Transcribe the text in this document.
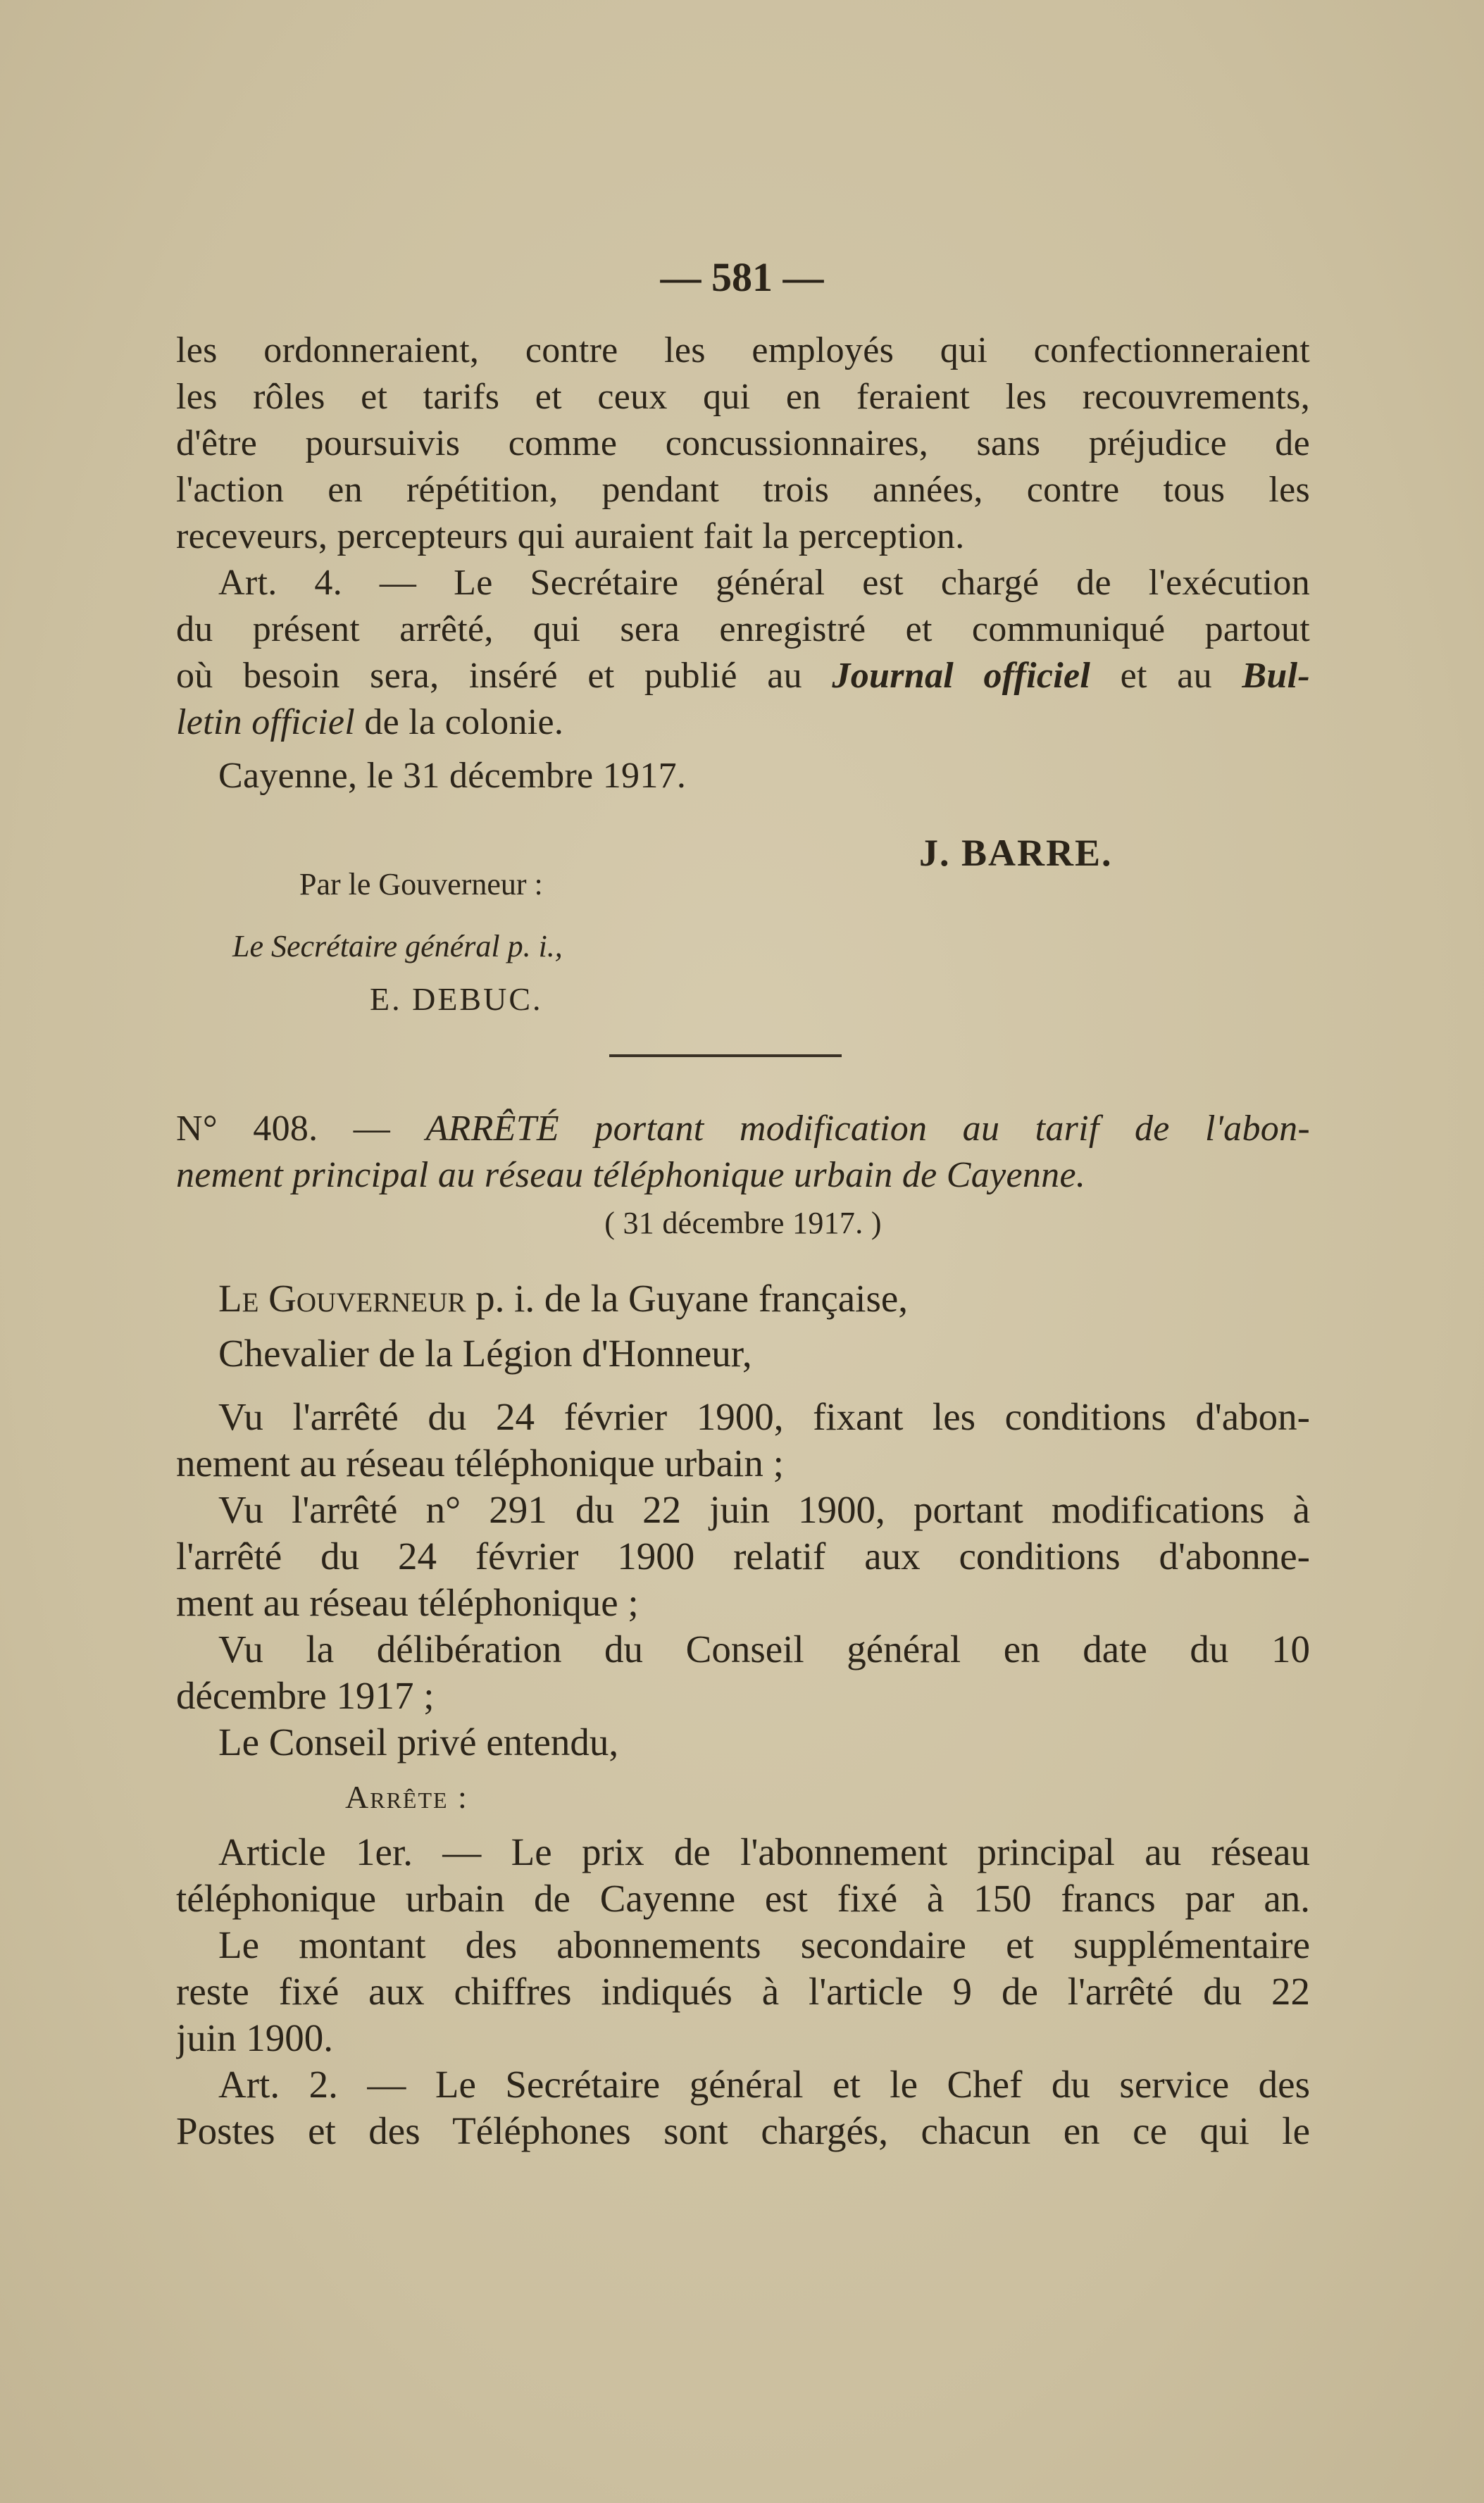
— 581 —
les ordonneraient, contre les employés qui confectionneraient
les rôles et tarifs et ceux qui en feraient les recouvrements,
d'être poursuivis comme concussionnaires, sans préjudice de
l'action en répétition, pendant trois années, contre tous les
receveurs, percepteurs qui auraient fait la perception.
Art. 4. — Le Secrétaire général est chargé de l'exécution
du présent arrêté, qui sera enregistré et communiqué partout
où besoin sera, inséré et publié au Journal officiel et au Bul-
letin officiel de la colonie.
Cayenne, le 31 décembre 1917.
J. BARRE.
Par le Gouverneur :
Le Secrétaire général p. i.,
E. DEBUC.
N° 408. — ARRÊTÉ portant modification au tarif de l'abon-
nement principal au réseau téléphonique urbain de Cayenne.
( 31 décembre 1917. )
Le Gouverneur p. i. de la Guyane française,
Chevalier de la Légion d'Honneur,
Vu l'arrêté du 24 février 1900, fixant les conditions d'abon-
nement au réseau téléphonique urbain ;
Vu l'arrêté n° 291 du 22 juin 1900, portant modifications à
l'arrêté du 24 février 1900 relatif aux conditions d'abonne-
ment au réseau téléphonique ;
Vu la délibération du Conseil général en date du 10
décembre 1917 ;
Le Conseil privé entendu,
Arrête :
Article 1er. — Le prix de l'abonnement principal au réseau
téléphonique urbain de Cayenne est fixé à 150 francs par an.
Le montant des abonnements secondaire et supplémentaire
reste fixé aux chiffres indiqués à l'article 9 de l'arrêté du 22
juin 1900.
Art. 2. — Le Secrétaire général et le Chef du service des
Postes et des Téléphones sont chargés, chacun en ce qui le
